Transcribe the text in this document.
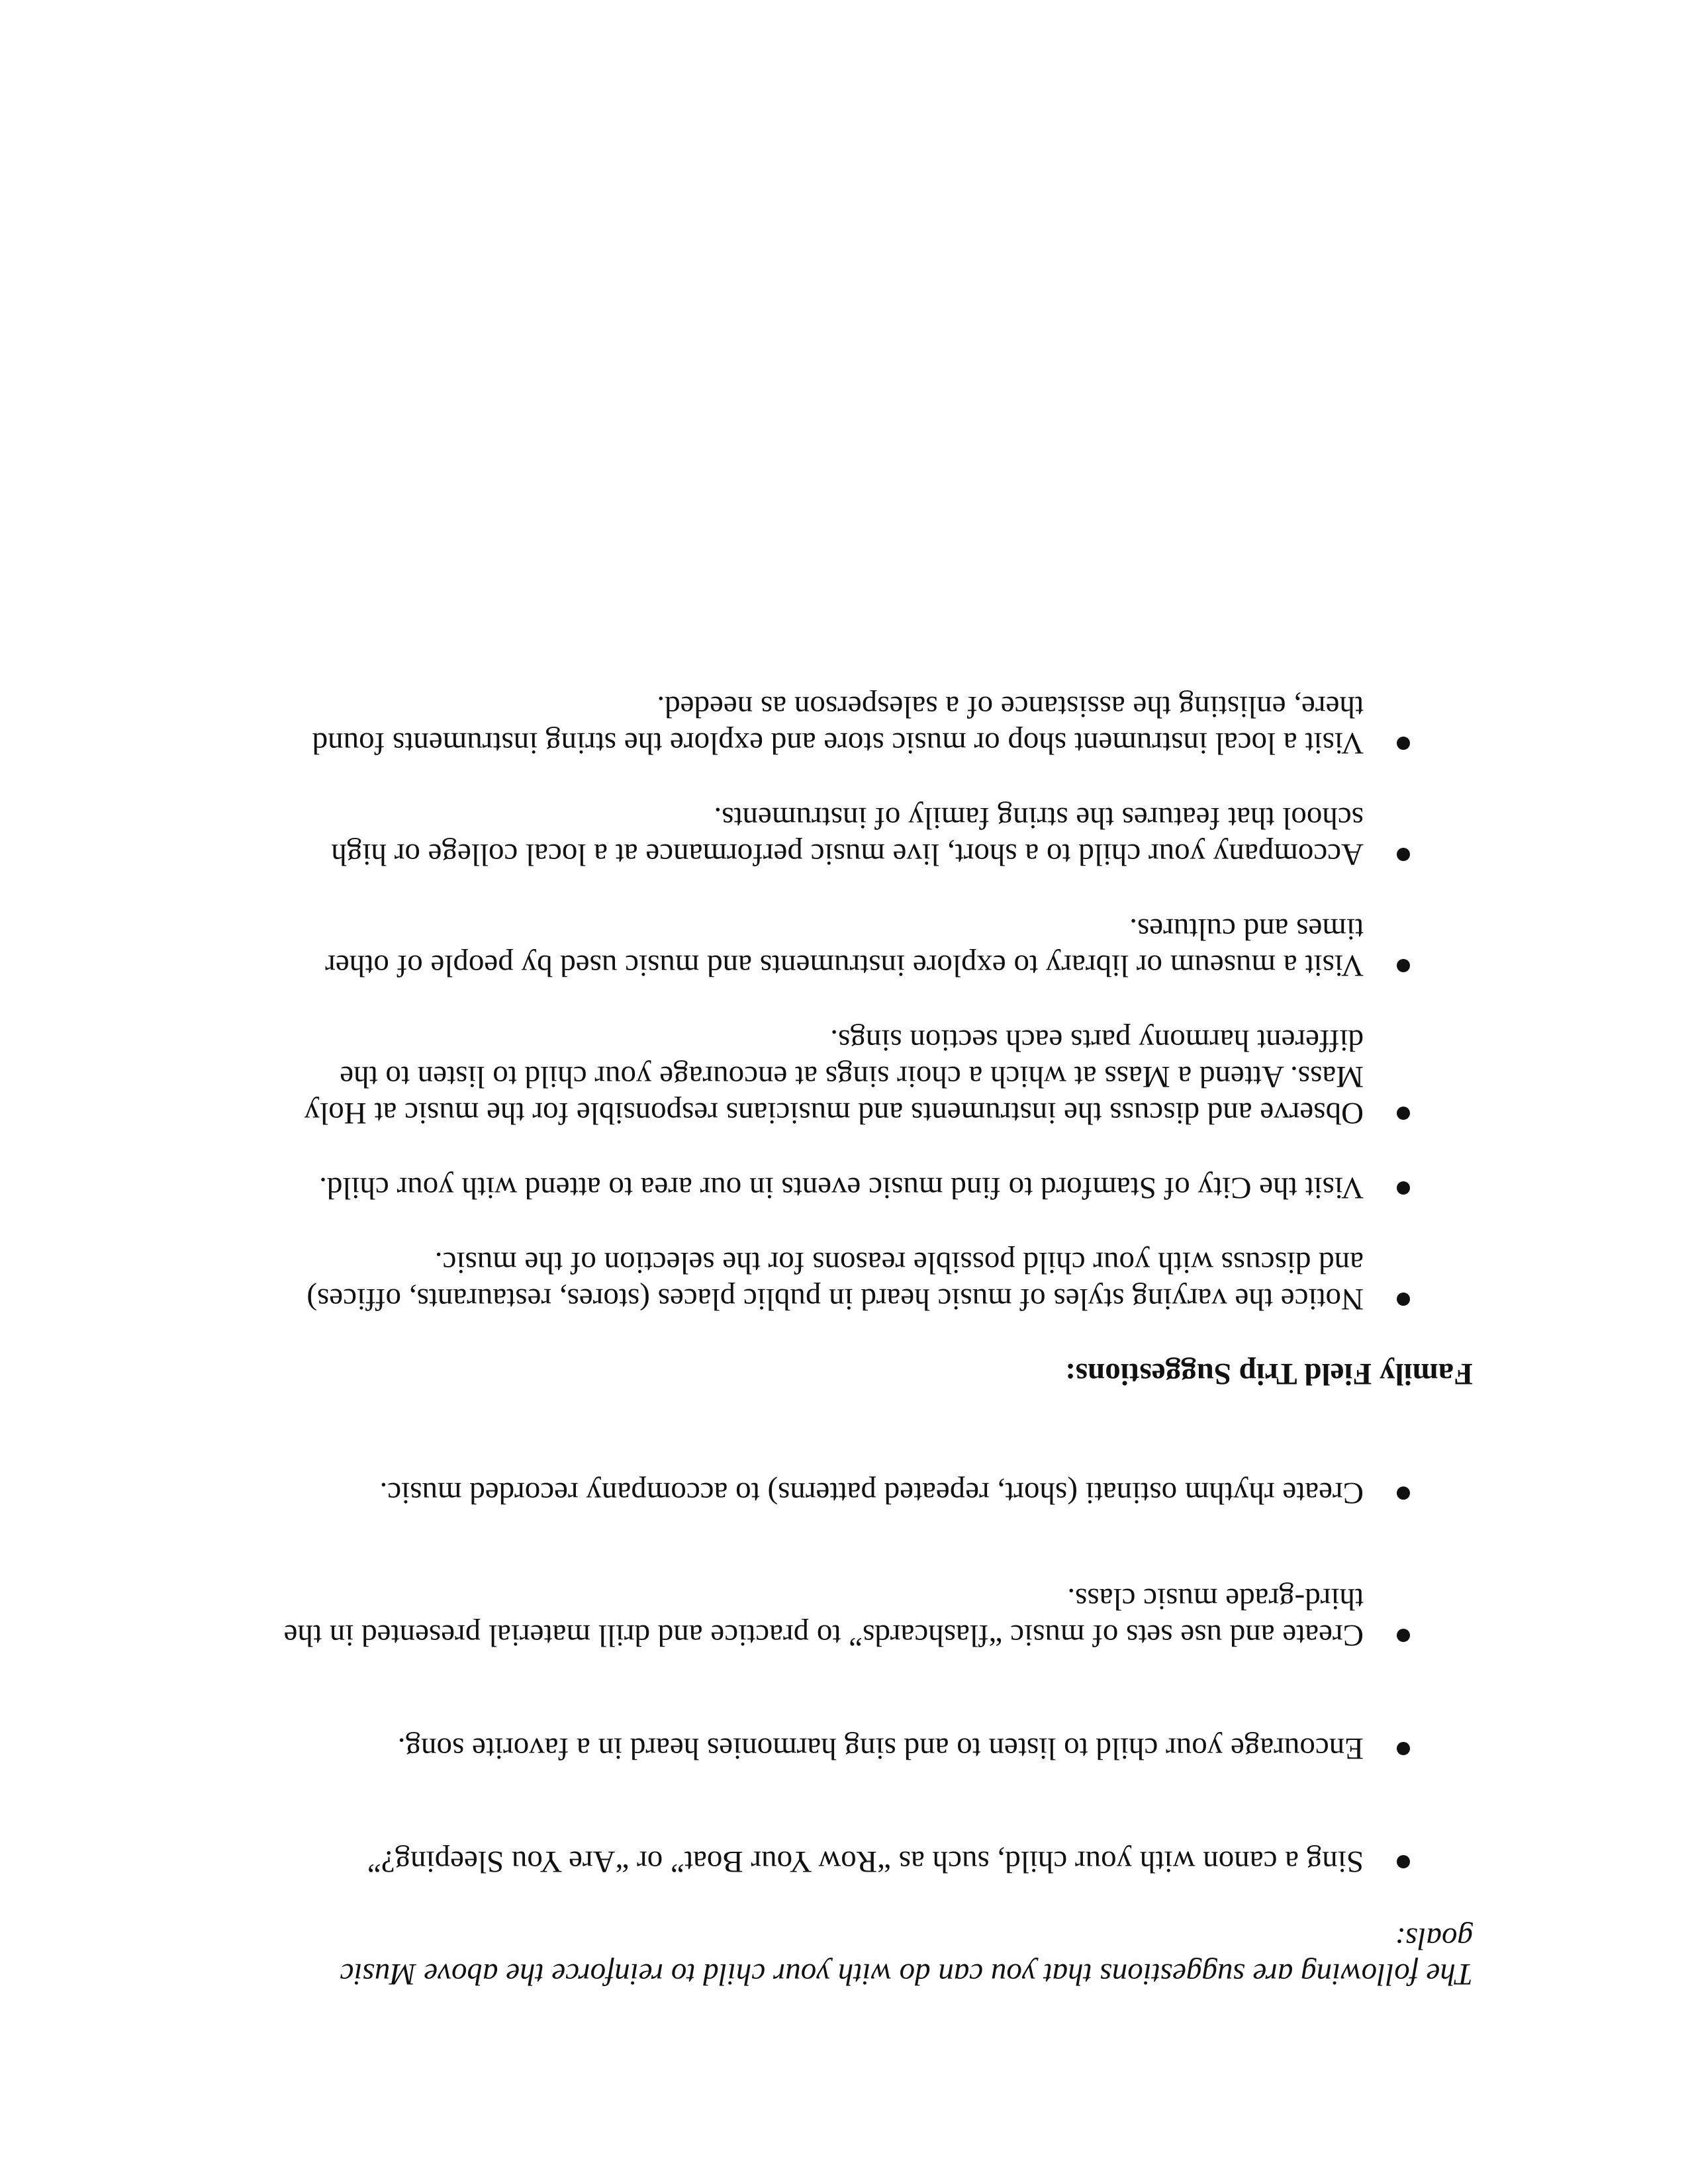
The following are suggestions that you can do with your child to reinforce the above Music goals:

Sing a canon with your child, such as “Row Your Boat” or “Are You Sleeping?”
Encourage your child to listen to and sing harmonies heard in a favorite song.
Create and use sets of music “flashcards” to practice and drill material presented in the third-grade music class.
Create rhythm ostinati (short, repeated patterns) to accompany recorded music.
Family Field Trip Suggestions:
Notice the varying styles of music heard in public places (stores, restaurants, offices) and discuss with your child possible reasons for the selection of the music.
Visit the City of Stamford to find music events in our area to attend with your child.
Observe and discuss the instruments and musicians responsible for the music at Holy Mass. Attend a Mass at which a choir sings at encourage your child to listen to the different harmony parts each section sings.
Visit a museum or library to explore instruments and music used by people of other times and cultures.
Accompany your child to a short, live music performance at a local college or high school that features the string family of instruments.
Visit a local instrument shop or music store and explore the string instruments found there, enlisting the assistance of a salesperson as needed.
